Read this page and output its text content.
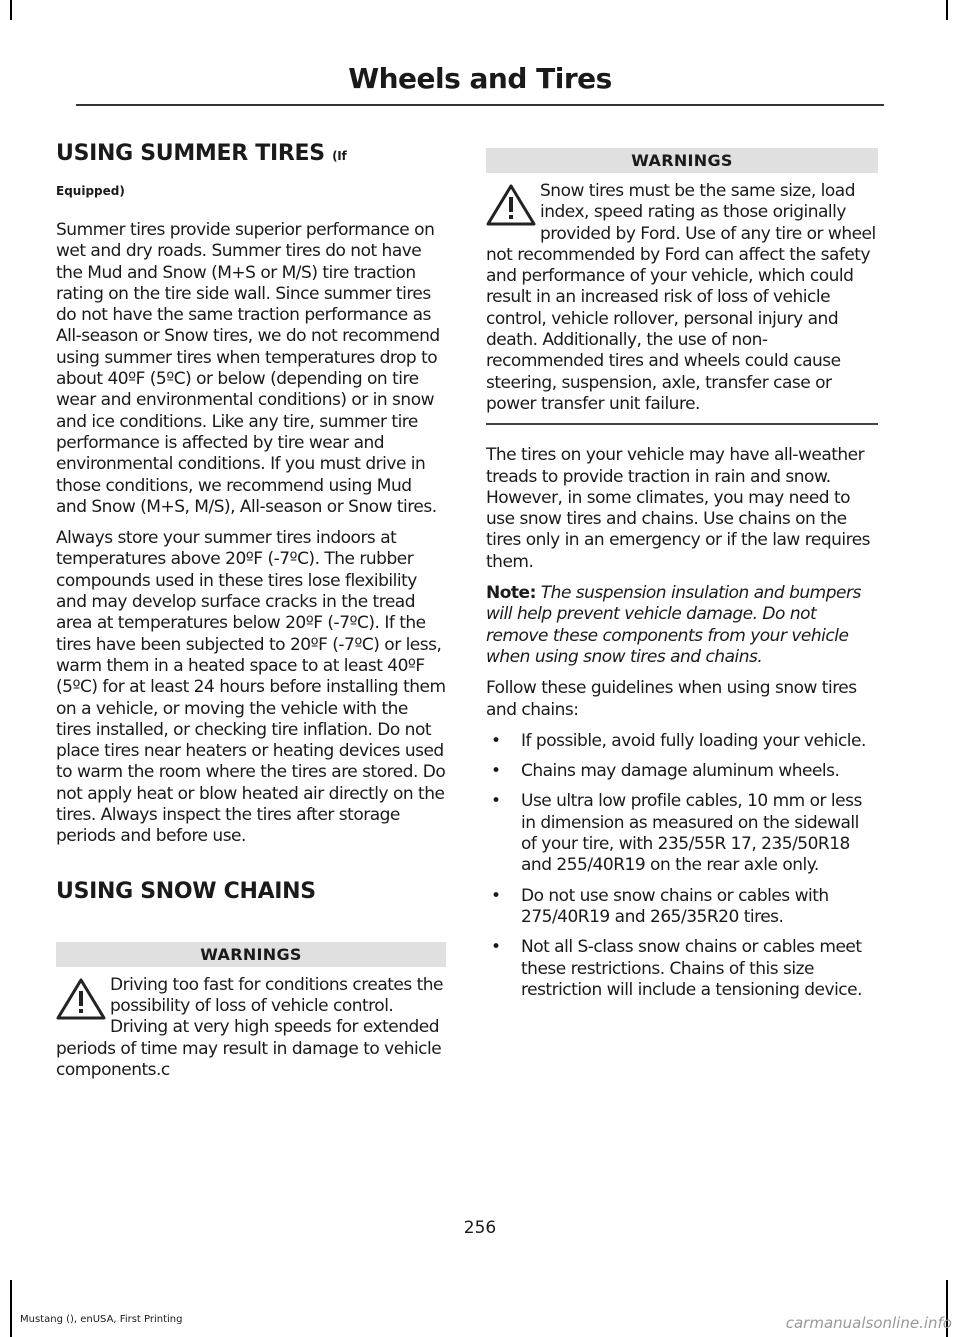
Wheels and Tires
USING SUMMER TIRES (If
Equipped)

Summer tires provide superior performance on wet and dry roads. Summer tires do not have the Mud and Snow (M+S or M/S) tire traction rating on the tire side wall. Since summer tires do not have the same traction performance as All-season or Snow tires, we do not recommend using summer tires when temperatures drop to about 40ºF (5ºC) or below (depending on tire wear and environmental conditions) or in snow and ice conditions. Like any tire, summer tire performance is affected by tire wear and environmental conditions. If you must drive in those conditions, we recommend using Mud and Snow (M+S, M/S), All-season or Snow tires.

Always store your summer tires indoors at temperatures above 20ºF (-7ºC). The rubber compounds used in these tires lose flexibility and may develop surface cracks in the tread area at temperatures below 20ºF (-7ºC). If the tires have been subjected to 20ºF (-7ºC) or less, warm them in a heated space to at least 40ºF (5ºC) for at least 24 hours before installing them on a vehicle, or moving the vehicle with the tires installed, or checking tire inflation. Do not place tires near heaters or heating devices used to warm the room where the tires are stored. Do not apply heat or blow heated air directly on the tires. Always inspect the tires after storage periods and before use.

USING SNOW CHAINS
WARNINGS
Driving too fast for conditions creates the possibility of loss of vehicle control. Driving at very high speeds for extended periods of time may result in damage to vehicle components.c
WARNINGS
Snow tires must be the same size, load index, speed rating as those originally provided by Ford. Use of any tire or wheel not recommended by Ford can affect the safety and performance of your vehicle, which could result in an increased risk of loss of vehicle control, vehicle rollover, personal injury and death. Additionally, the use of non-recommended tires and wheels could cause steering, suspension, axle, transfer case or power transfer unit failure.

The tires on your vehicle may have all-weather treads to provide traction in rain and snow. However, in some climates, you may need to use snow tires and chains. Use chains on the tires only in an emergency or if the law requires them.

Note: The suspension insulation and bumpers will help prevent vehicle damage. Do not remove these components from your vehicle when using snow tires and chains.

Follow these guidelines when using snow tires and chains:

• If possible, avoid fully loading your vehicle.
• Chains may damage aluminum wheels.
• Use ultra low profile cables, 10 mm or less in dimension as measured on the sidewall of your tire, with 235/55R 17, 235/50R18 and 255/40R19 on the rear axle only.
• Do not use snow chains or cables with 275/40R19 and 265/35R20 tires.
• Not all S-class snow chains or cables meet these restrictions. Chains of this size restriction will include a tensioning device.
256
Mustang (), enUSA, First Printing	carmanualsonline.info
